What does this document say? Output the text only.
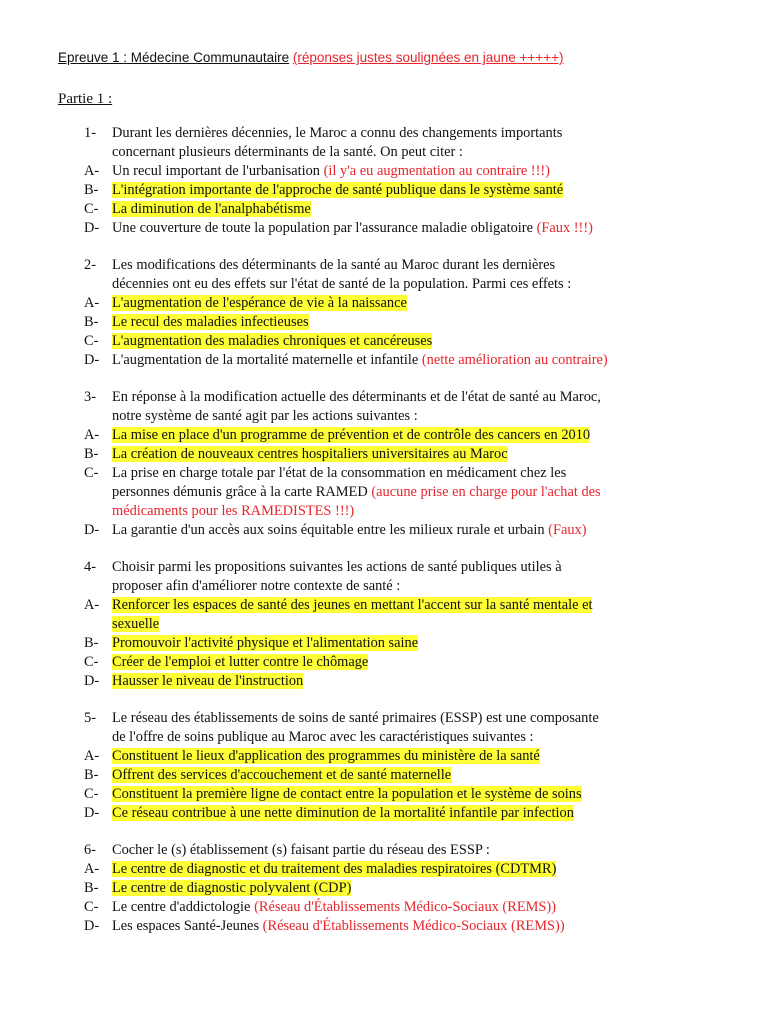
Epreuve 1 : Médecine Communautaire (réponses justes soulignées en jaune +++++)
Partie 1 :
1- Durant les dernières décennies, le Maroc a connu des changements importants
concernant plusieurs déterminants de la santé. On peut citer :
A- Un recul important de l'urbanisation (il y'a eu augmentation au contraire !!!)
B- L'intégration importante de l'approche de santé publique dans le système santé
C- La diminution de l'analphabétisme
D- Une couverture de toute la population par l'assurance maladie obligatoire (Faux !!!)
2- Les modifications des déterminants de la santé au Maroc durant les dernières
décennies ont eu des effets sur l'état de santé de la population. Parmi ces effets :
A- L'augmentation de l'espérance de vie à la naissance
B- Le recul des maladies infectieuses
C- L'augmentation des maladies chroniques et cancéreuses
D- L'augmentation de la mortalité maternelle et infantile (nette amélioration au contraire)
3- En réponse à la modification actuelle des déterminants et de l'état de santé au Maroc,
notre système de santé agit par les actions suivantes :
A- La mise en place d'un programme de prévention et de contrôle des cancers en 2010
B- La création de nouveaux centres hospitaliers universitaires au Maroc
C- La prise en charge totale par l'état de la consommation en médicament chez les
personnes démunis grâce à la carte RAMED (aucune prise en charge pour l'achat des
médicaments pour les RAMEDISTES !!!)
D- La garantie d'un accès aux soins équitable entre les milieux rurale et urbain (Faux)
4- Choisir parmi les propositions suivantes les actions de santé publiques utiles à
proposer afin d'améliorer notre contexte de santé :
A- Renforcer les espaces de santé des jeunes en mettant l'accent sur la santé mentale et
sexuelle
B- Promouvoir l'activité physique et l'alimentation saine
C- Créer de l'emploi et lutter contre le chômage
D- Hausser le niveau de l'instruction
5- Le réseau des établissements de soins de santé primaires (ESSP) est une composante
de l'offre de soins publique au Maroc avec les caractéristiques suivantes :
A- Constituent le lieux d'application des programmes du ministère de la santé
B- Offrent des services d'accouchement et de santé maternelle
C- Constituent la première ligne de contact entre la population et le système de soins
D- Ce réseau contribue à une nette diminution de la mortalité infantile par infection
6- Cocher le (s) établissement (s) faisant partie du réseau des ESSP :
A- Le centre de diagnostic et du traitement des maladies respiratoires (CDTMR)
B- Le centre de diagnostic polyvalent (CDP)
C- Le centre d'addictologie (Réseau d'Établissements Médico-Sociaux (REMS))
D- Les espaces Santé-Jeunes (Réseau d'Établissements Médico-Sociaux (REMS))
